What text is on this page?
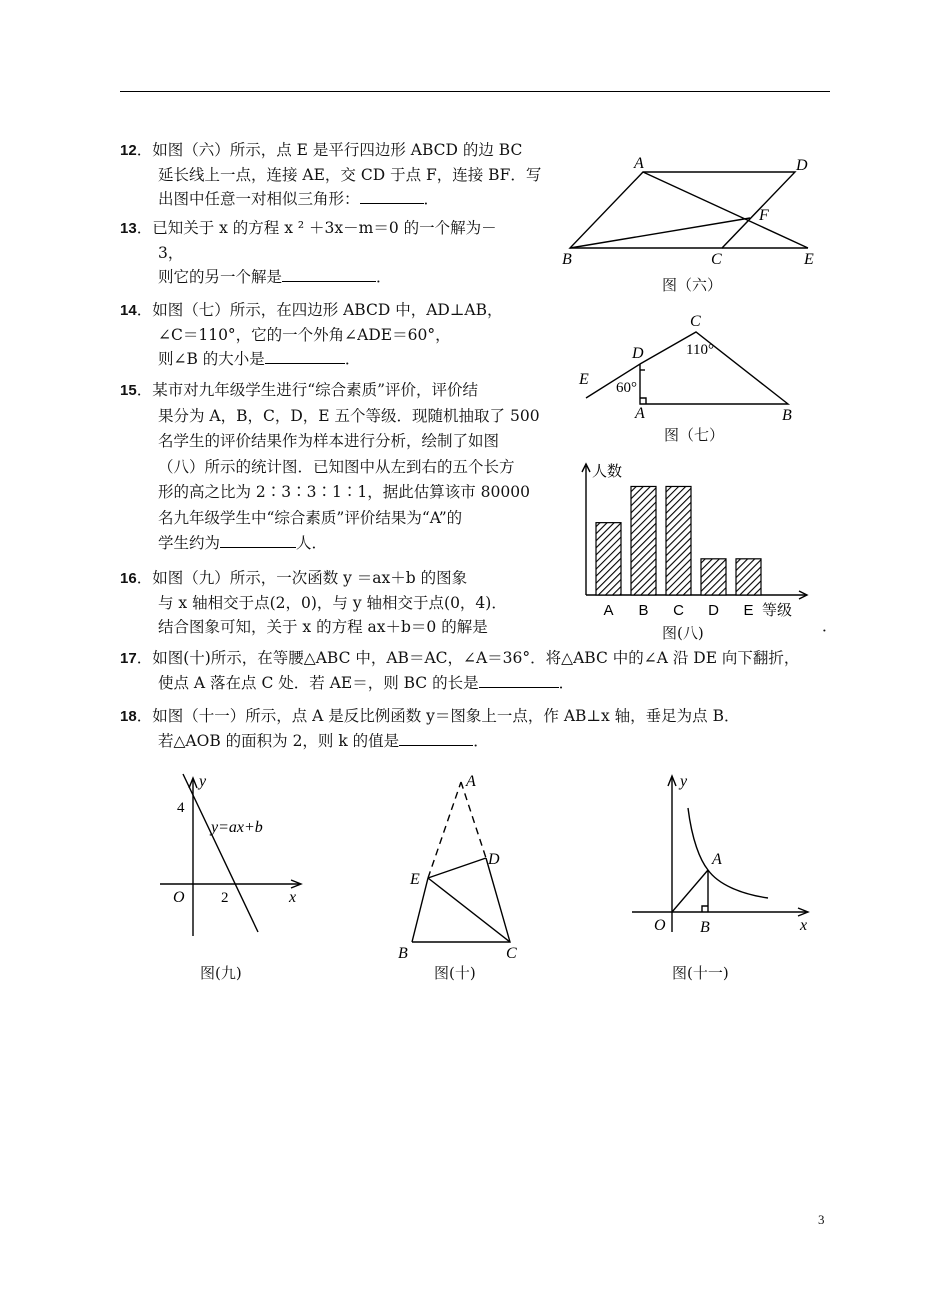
12．如图（六）所示，点 E 是平行四边形 ABCD 的边 BC
延长线上一点，连接 AE，交 CD 于点 F，连接 BF．写
出图中任意一对相似三角形：	．
13．已知关于 x 的方程 x ² ＋3x－m＝0 的一个解为－
3，
则它的另一个解是	．
14．如图（七）所示，在四边形 ABCD 中，AD⊥AB，
∠C＝110°，它的一个外角∠ADE＝60°，
则∠B 的大小是	．
15．某市对九年级学生进行“综合素质”评价，评价结
果分为 A，B，C，D，E 五个等级．现随机抽取了 500
名学生的评价结果作为样本进行分析，绘制了如图
（八）所示的统计图．已知图中从左到右的五个长方
形的高之比为 2∶3∶3∶1∶1，据此估算该市 80000
名九年级学生中“综合素质”评价结果为“A”的
学生约为	人．
16．如图（九）所示，一次函数 y ＝ax＋b 的图象
与 x 轴相交于点(2，0)，与 y 轴相交于点(0，4)．
结合图象可知，关于 x 的方程 ax＋b＝0 的解是	．
17．如图(十)所示，在等腰△ABC 中，AB＝AC，∠A＝36°．将△ABC 中的∠A 沿 DE 向下翻折，
使点 A 落在点 C 处．若 AE＝，则 BC 的长是	．
18．如图（十一）所示，点 A 是反比例函数 y＝图象上一点，作 AB⊥x 轴，垂足为点 B．
若△AOB 的面积为 2，则 k 的值是	．
A	D
F
B	C	E
图（六）
C
110°
D
E 60°
A	B
图（七）
A B C D E
人数
等级
图(八)
y
4
y=ax+b
O 2	x
图(九)
A
D
E
B	C
图(十)
y
A
O B	x
图(十一)
3
